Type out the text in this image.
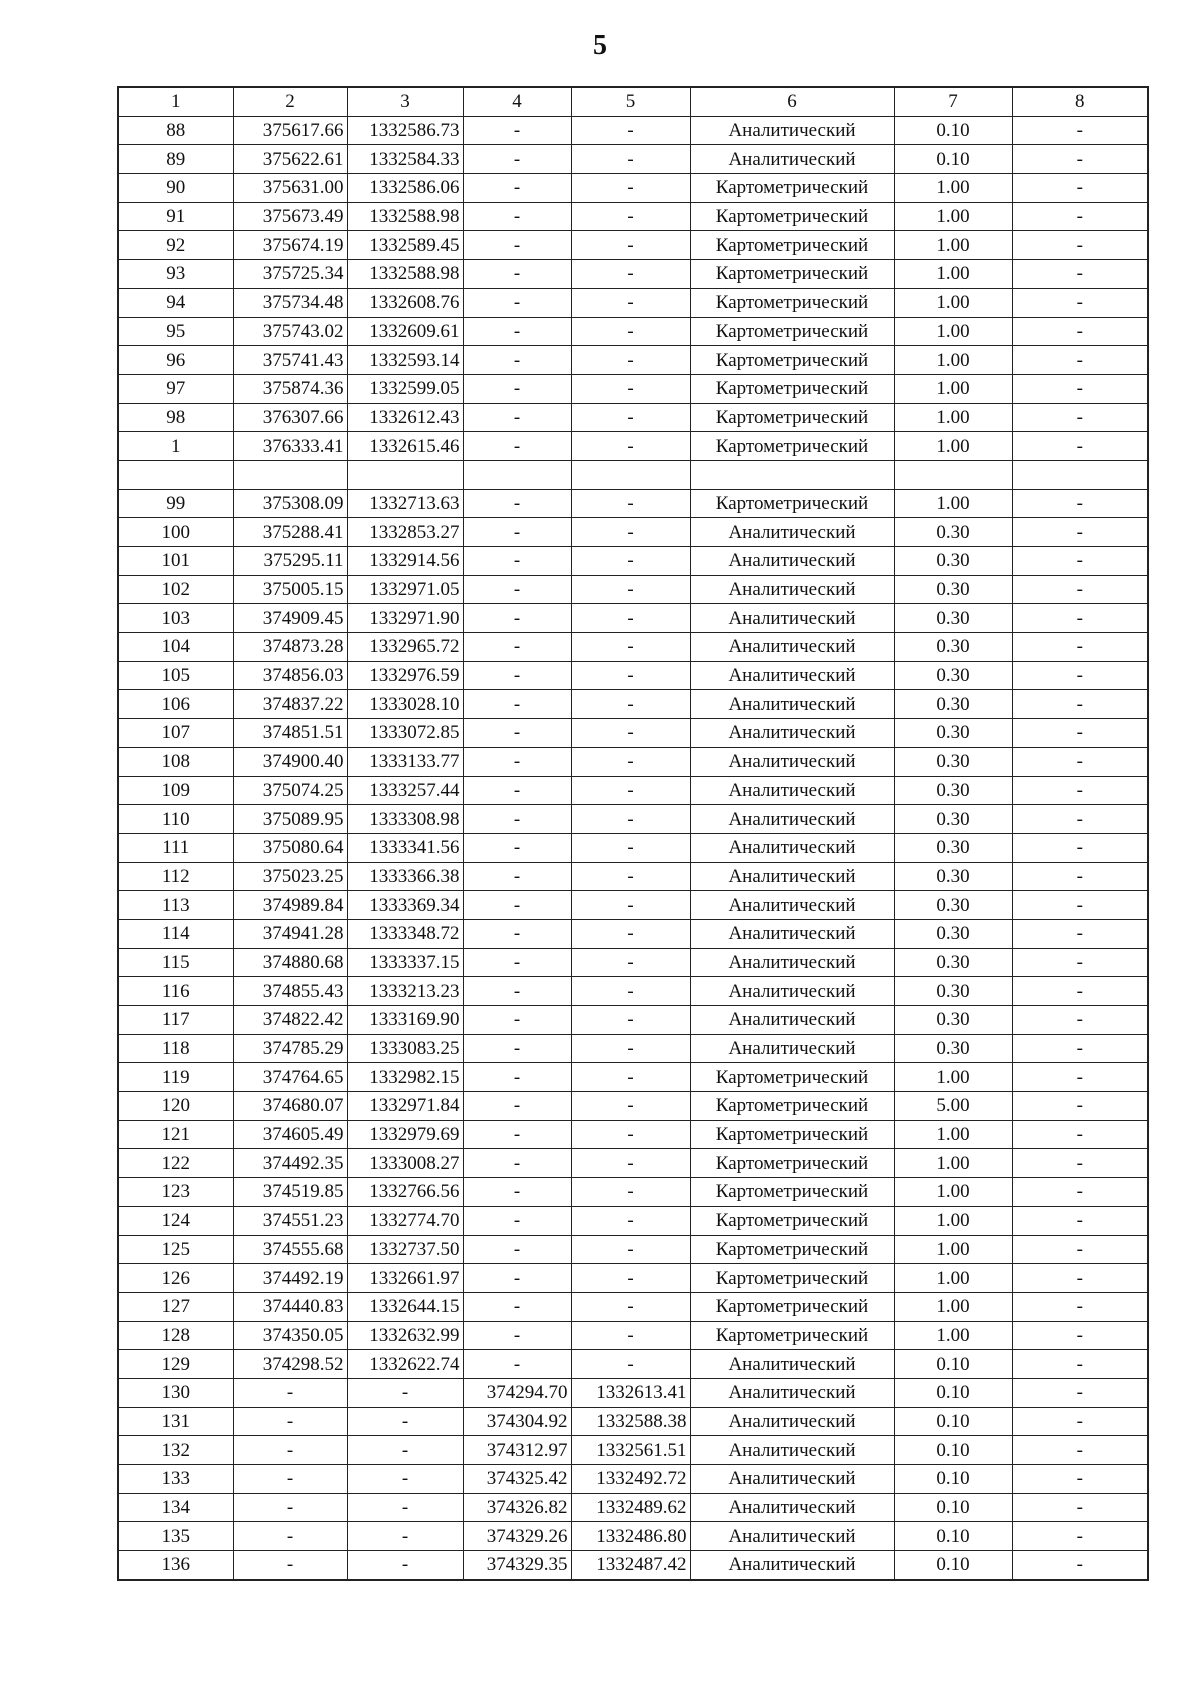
5
1	2	3	4	5	6	7	8
88	375617.66	1332586.73	-	-	Аналитический	0.10	-
89	375622.61	1332584.33	-	-	Аналитический	0.10	-
90	375631.00	1332586.06	-	-	Картометрический	1.00	-
91	375673.49	1332588.98	-	-	Картометрический	1.00	-
92	375674.19	1332589.45	-	-	Картометрический	1.00	-
93	375725.34	1332588.98	-	-	Картометрический	1.00	-
94	375734.48	1332608.76	-	-	Картометрический	1.00	-
95	375743.02	1332609.61	-	-	Картометрический	1.00	-
96	375741.43	1332593.14	-	-	Картометрический	1.00	-
97	375874.36	1332599.05	-	-	Картометрический	1.00	-
98	376307.66	1332612.43	-	-	Картометрический	1.00	-
1	376333.41	1332615.46	-	-	Картометрический	1.00	-

99	375308.09	1332713.63	-	-	Картометрический	1.00	-
100	375288.41	1332853.27	-	-	Аналитический	0.30	-
101	375295.11	1332914.56	-	-	Аналитический	0.30	-
102	375005.15	1332971.05	-	-	Аналитический	0.30	-
103	374909.45	1332971.90	-	-	Аналитический	0.30	-
104	374873.28	1332965.72	-	-	Аналитический	0.30	-
105	374856.03	1332976.59	-	-	Аналитический	0.30	-
106	374837.22	1333028.10	-	-	Аналитический	0.30	-
107	374851.51	1333072.85	-	-	Аналитический	0.30	-
108	374900.40	1333133.77	-	-	Аналитический	0.30	-
109	375074.25	1333257.44	-	-	Аналитический	0.30	-
110	375089.95	1333308.98	-	-	Аналитический	0.30	-
111	375080.64	1333341.56	-	-	Аналитический	0.30	-
112	375023.25	1333366.38	-	-	Аналитический	0.30	-
113	374989.84	1333369.34	-	-	Аналитический	0.30	-
114	374941.28	1333348.72	-	-	Аналитический	0.30	-
115	374880.68	1333337.15	-	-	Аналитический	0.30	-
116	374855.43	1333213.23	-	-	Аналитический	0.30	-
117	374822.42	1333169.90	-	-	Аналитический	0.30	-
118	374785.29	1333083.25	-	-	Аналитический	0.30	-
119	374764.65	1332982.15	-	-	Картометрический	1.00	-
120	374680.07	1332971.84	-	-	Картометрический	5.00	-
121	374605.49	1332979.69	-	-	Картометрический	1.00	-
122	374492.35	1333008.27	-	-	Картометрический	1.00	-
123	374519.85	1332766.56	-	-	Картометрический	1.00	-
124	374551.23	1332774.70	-	-	Картометрический	1.00	-
125	374555.68	1332737.50	-	-	Картометрический	1.00	-
126	374492.19	1332661.97	-	-	Картометрический	1.00	-
127	374440.83	1332644.15	-	-	Картометрический	1.00	-
128	374350.05	1332632.99	-	-	Картометрический	1.00	-
129	374298.52	1332622.74	-	-	Аналитический	0.10	-
130	-	-	374294.70	1332613.41	Аналитический	0.10	-
131	-	-	374304.92	1332588.38	Аналитический	0.10	-
132	-	-	374312.97	1332561.51	Аналитический	0.10	-
133	-	-	374325.42	1332492.72	Аналитический	0.10	-
134	-	-	374326.82	1332489.62	Аналитический	0.10	-
135	-	-	374329.26	1332486.80	Аналитический	0.10	-
136	-	-	374329.35	1332487.42	Аналитический	0.10	-
